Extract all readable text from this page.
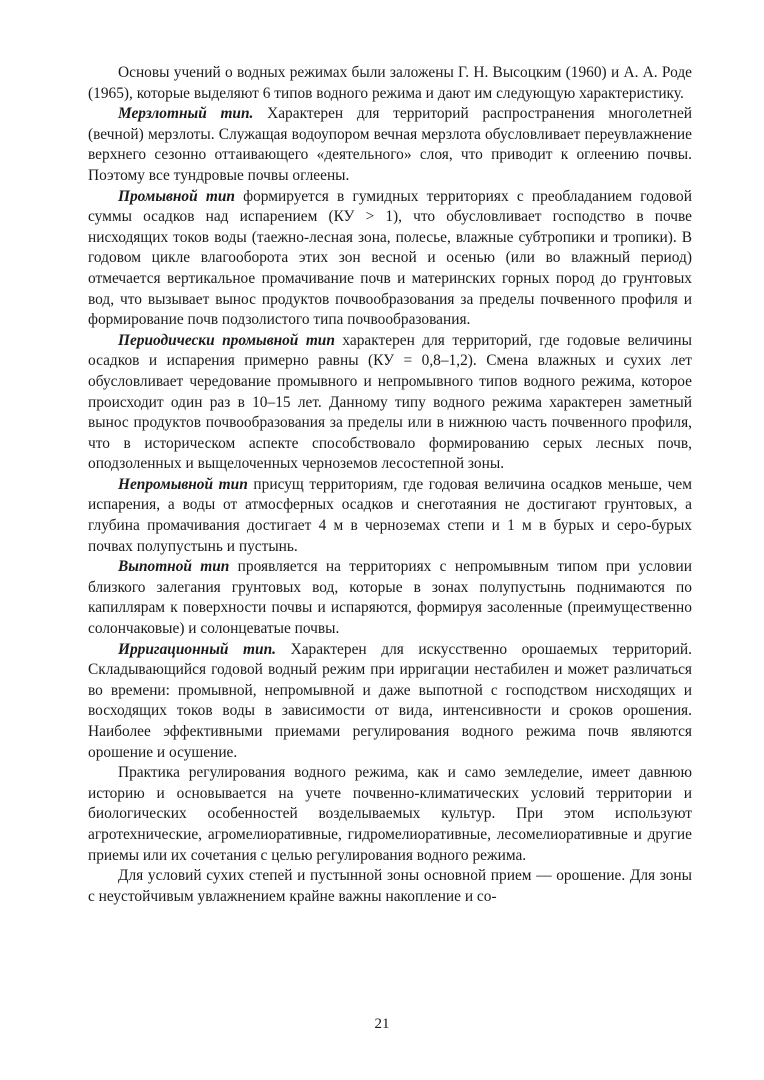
Основы учений о водных режимах были заложены Г. Н. Высоцким (1960) и А. А. Роде (1965), которые выделяют 6 типов водного режима и дают им следующую характеристику.

Мерзлотный тип. Характерен для территорий распространения многолетней (вечной) мерзлоты. Служащая водоупором вечная мерзлота обусловливает переувлажнение верхнего сезонно оттаивающего «деятельного» слоя, что приводит к оглеению почвы. Поэтому все тундровые почвы оглеены.

Промывной тип формируется в гумидных территориях с преобладанием годовой суммы осадков над испарением (КУ > 1), что обусловливает господство в почве нисходящих токов воды (таежно-лесная зона, полесье, влажные субтропики и тропики). В годовом цикле влагооборота этих зон весной и осенью (или во влажный период) отмечается вертикальное промачивание почв и материнских горных пород до грунтовых вод, что вызывает вынос продуктов почвообразования за пределы почвенного профиля и формирование почв подзолистого типа почвообразования.

Периодически промывной тип характерен для территорий, где годовые величины осадков и испарения примерно равны (КУ = 0,8–1,2). Смена влажных и сухих лет обусловливает чередование промывного и непромывного типов водного режима, которое происходит один раз в 10–15 лет. Данному типу водного режима характерен заметный вынос продуктов почвообразования за пределы или в нижнюю часть почвенного профиля, что в историческом аспекте способствовало формированию серых лесных почв, оподзоленных и выщелоченных черноземов лесостепной зоны.

Непромывной тип присущ территориям, где годовая величина осадков меньше, чем испарения, а воды от атмосферных осадков и снеготаяния не достигают грунтовых, а глубина промачивания достигает 4 м в черноземах степи и 1 м в бурых и серо-бурых почвах полупустынь и пустынь.

Выпотной тип проявляется на территориях с непромывным типом при условии близкого залегания грунтовых вод, которые в зонах полупустынь поднимаются по капиллярам к поверхности почвы и испаряются, формируя засоленные (преимущественно солончаковые) и солонцеватые почвы.

Ирригационный тип. Характерен для искусственно орошаемых территорий. Складывающийся годовой водный режим при ирригации нестабилен и может различаться во времени: промывной, непромывной и даже выпотной с господством нисходящих и восходящих токов воды в зависимости от вида, интенсивности и сроков орошения. Наиболее эффективными приемами регулирования водного режима почв являются орошение и осушение.

Практика регулирования водного режима, как и само земледелие, имеет давнюю историю и основывается на учете почвенно-климатических условий территории и биологических особенностей возделываемых культур. При этом используют агротехнические, агромелиоративные, гидромелиоративные, лесомелиоративные и другие приемы или их сочетания с целью регулирования водного режима.

Для условий сухих степей и пустынной зоны основной прием — орошение. Для зоны с неустойчивым увлажнением крайне важны накопление и со-

21
